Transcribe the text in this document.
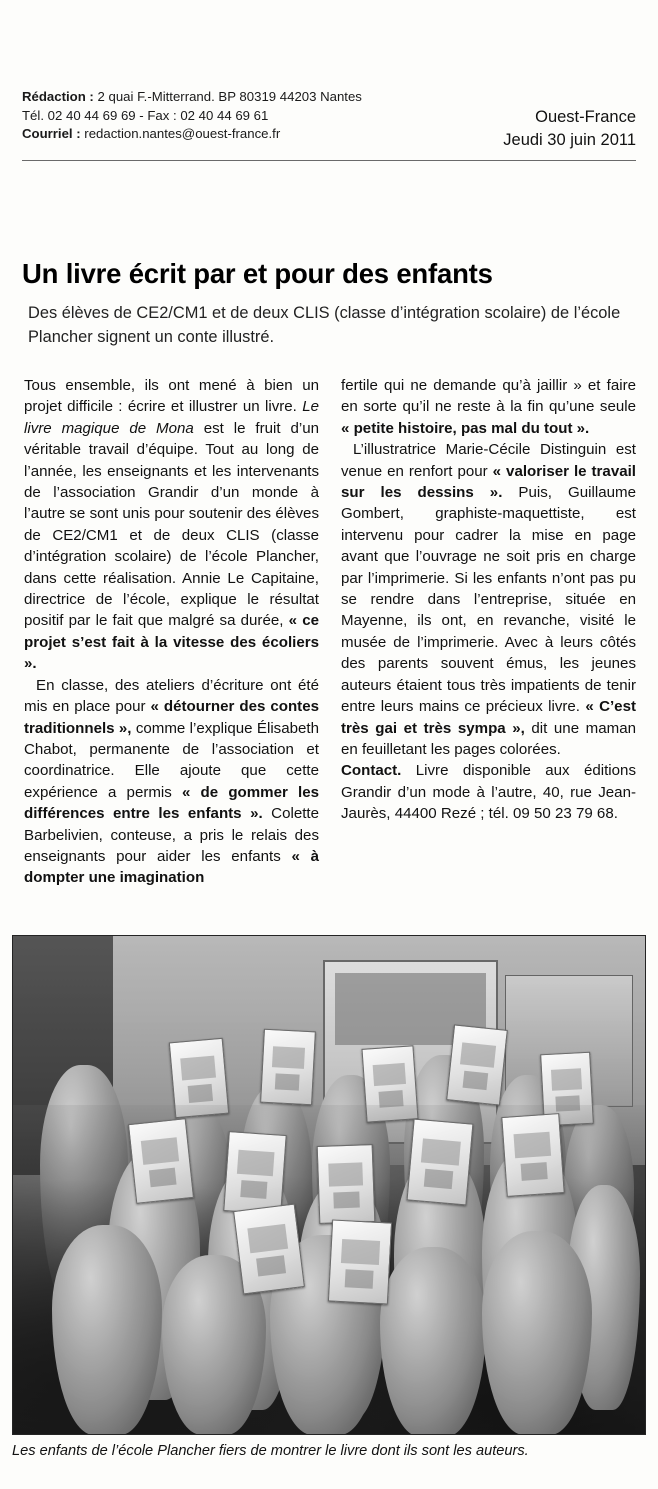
Rédaction : 2 quai F.-Mitterrand. BP 80319 44203 Nantes
Tél. 02 40 44 69 69 - Fax : 02 40 44 69 61
Courriel : redaction.nantes@ouest-france.fr
Ouest-France
Jeudi 30 juin 2011
Un livre écrit par et pour des enfants
Des élèves de CE2/CM1 et de deux CLIS (classe d’intégration scolaire) de l’école Plancher signent un conte illustré.

Tous ensemble, ils ont mené à bien un projet difficile : écrire et illustrer un livre. Le livre magique de Mona est le fruit d’un véritable travail d’équipe. Tout au long de l’année, les enseignants et les intervenants de l’association Grandir d’un monde à l’autre se sont unis pour soutenir des élèves de CE2/CM1 et de deux CLIS (classe d’intégration scolaire) de l’école Plancher, dans cette réalisation. Annie Le Capitaine, directrice de l’école, explique le résultat positif par le fait que malgré sa durée, « ce projet s’est fait à la vitesse des écoliers ».

En classe, des ateliers d’écriture ont été mis en place pour « détourner des contes traditionnels », comme l’explique Élisabeth Chabot, permanente de l’association et coordinatrice. Elle ajoute que cette expérience a permis « de gommer les différences entre les enfants ». Colette Barbelivien, conteuse, a pris le relais des enseignants pour aider les enfants « à dompter une imagination

fertile qui ne demande qu’à jaillir » et faire en sorte qu’il ne reste à la fin qu’une seule « petite histoire, pas mal du tout ».

L’illustratrice Marie-Cécile Distinguin est venue en renfort pour « valoriser le travail sur les dessins ». Puis, Guillaume Gombert, graphiste-maquettiste, est intervenu pour cadrer la mise en page avant que l’ouvrage ne soit pris en charge par l’imprimerie. Si les enfants n’ont pas pu se rendre dans l’entreprise, située en Mayenne, ils ont, en revanche, visité le musée de l’imprimerie. Avec à leurs côtés des parents souvent émus, les jeunes auteurs étaient tous très impatients de tenir entre leurs mains ce précieux livre. « C’est très gai et très sympa », dit une maman en feuilletant les pages colorées.

Contact. Livre disponible aux éditions Grandir d’un mode à l’autre, 40, rue Jean-Jaurès, 44400 Rezé ; tél. 09 50 23 79 68.

Les enfants de l’école Plancher fiers de montrer le livre dont ils sont les auteurs.
